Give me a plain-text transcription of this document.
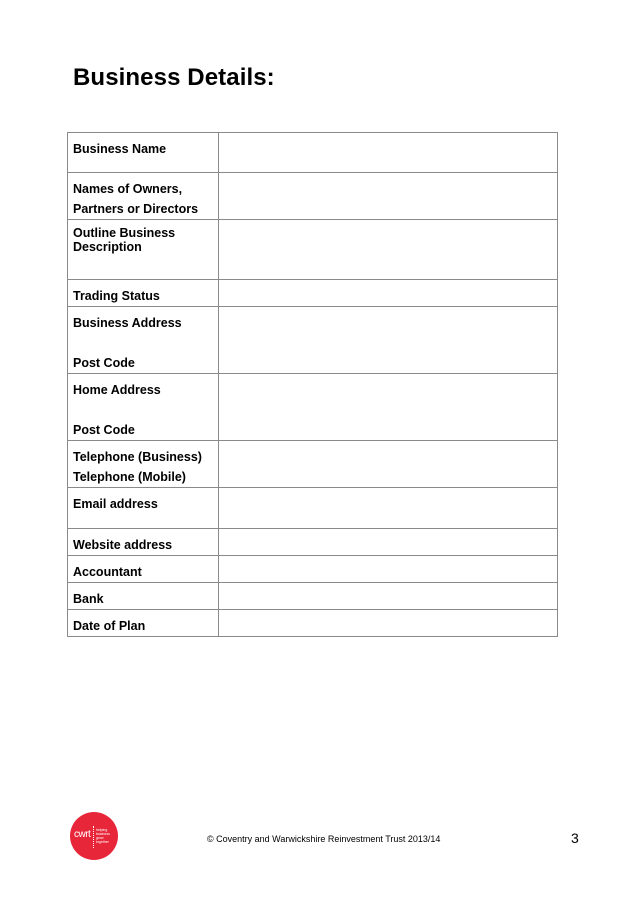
Business Details:
Business Name	

Names of Owners,
Partners or Directors	

Outline Business
Description	

Trading Status	

Business Address

Post Code	

Home Address

Post Code	

Telephone (Business)
Telephone (Mobile)	

Email address	

Website address	

Accountant	

Bank	

Date of Plan	

cwrt helping
business grow
together	© Coventry and Warwickshire Reinvestment Trust 2013/14	3
